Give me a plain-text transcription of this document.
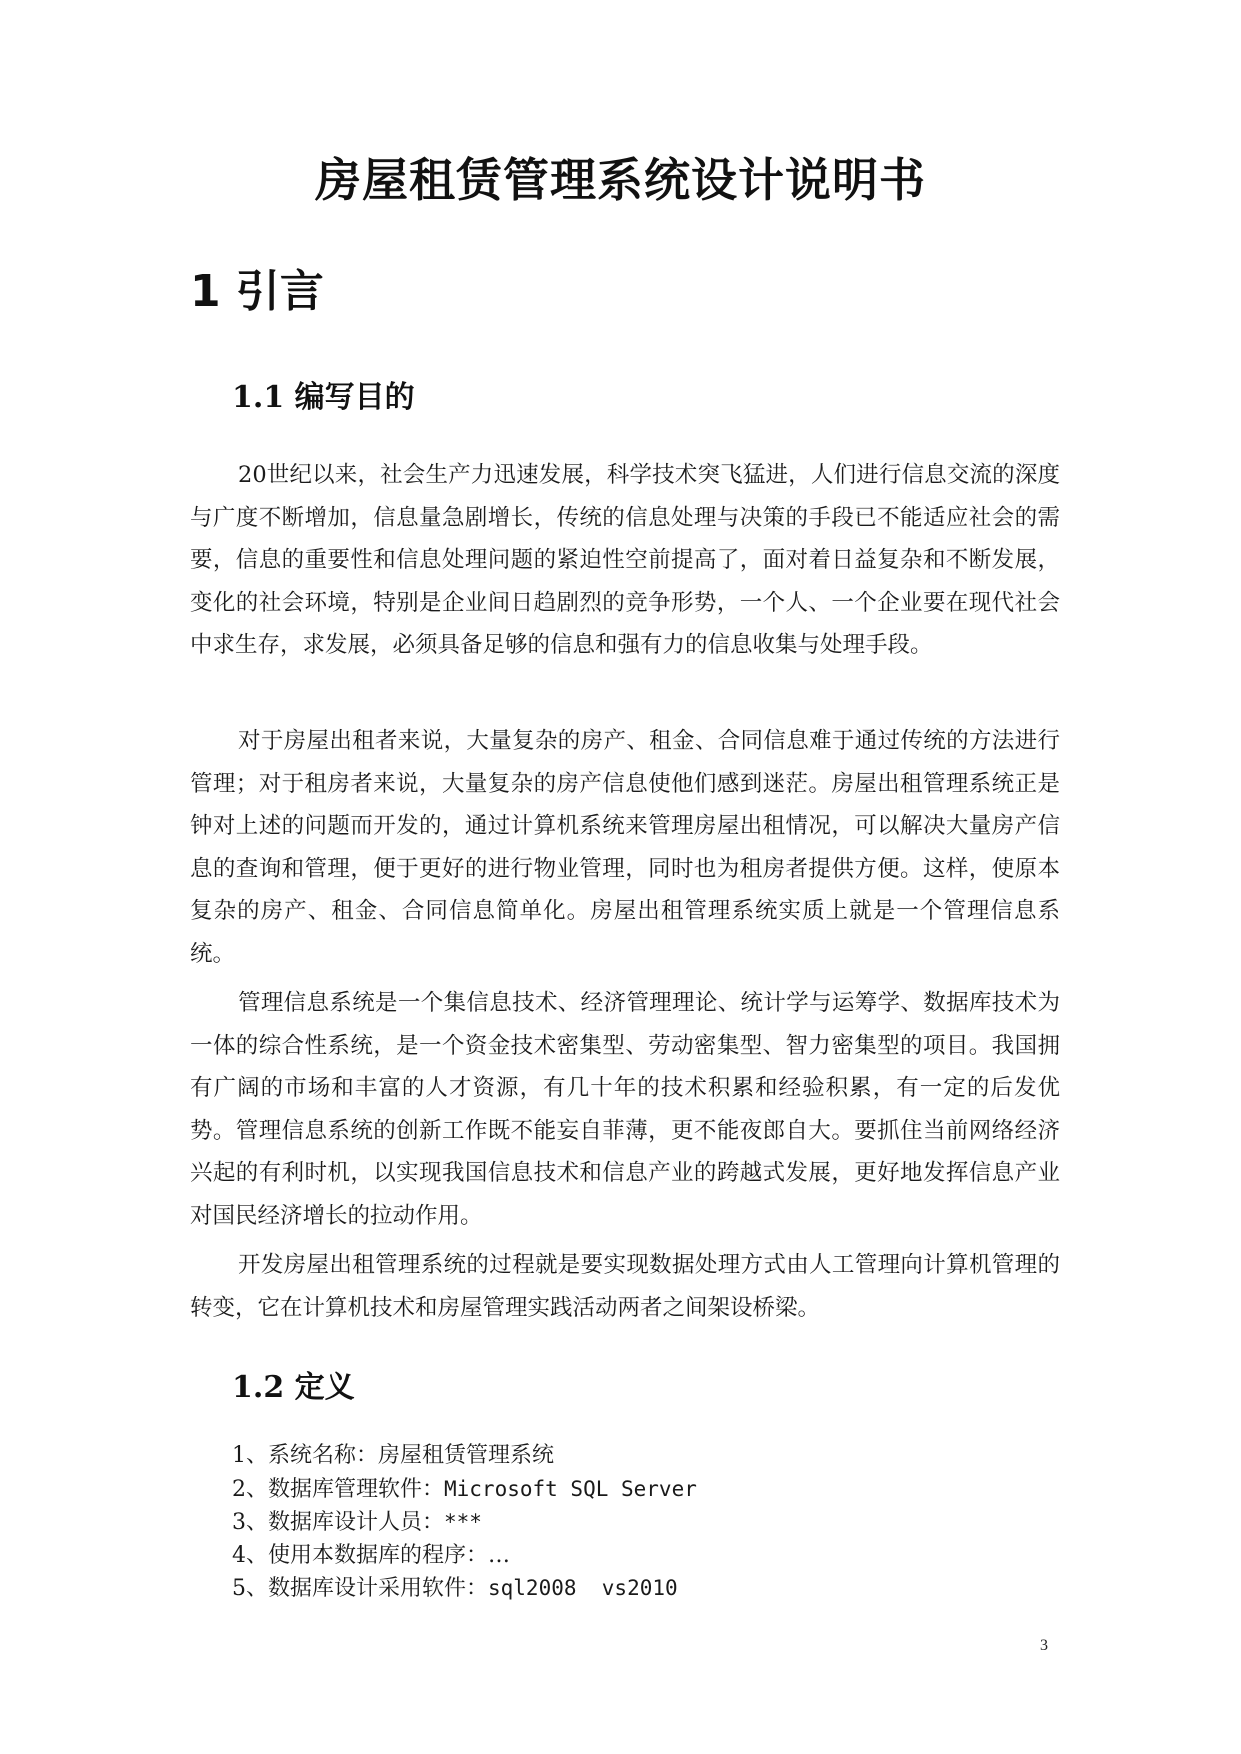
房屋租赁管理系统设计说明书
1 引言
1.1 编写目的

20世纪以来，社会生产力迅速发展，科学技术突飞猛进，人们进行信息交流的深度与广度不断增加，信息量急剧增长，传统的信息处理与决策的手段已不能适应社会的需要，信息的重要性和信息处理问题的紧迫性空前提高了，面对着日益复杂和不断发展，变化的社会环境，特别是企业间日趋剧烈的竞争形势，一个人、一个企业要在现代社会中求生存，求发展，必须具备足够的信息和强有力的信息收集与处理手段。

对于房屋出租者来说，大量复杂的房产、租金、合同信息难于通过传统的方法进行管理；对于租房者来说，大量复杂的房产信息使他们感到迷茫。房屋出租管理系统正是钟对上述的问题而开发的，通过计算机系统来管理房屋出租情况，可以解决大量房产信息的查询和管理，便于更好的进行物业管理，同时也为租房者提供方便。这样，使原本复杂的房产、租金、合同信息简单化。房屋出租管理系统实质上就是一个管理信息系统。

管理信息系统是一个集信息技术、经济管理理论、统计学与运筹学、数据库技术为一体的综合性系统，是一个资金技术密集型、劳动密集型、智力密集型的项目。我国拥有广阔的市场和丰富的人才资源，有几十年的技术积累和经验积累，有一定的后发优势。管理信息系统的创新工作既不能妄自菲薄，更不能夜郎自大。要抓住当前网络经济兴起的有利时机，以实现我国信息技术和信息产业的跨越式发展，更好地发挥信息产业对国民经济增长的拉动作用。

开发房屋出租管理系统的过程就是要实现数据处理方式由人工管理向计算机管理的转变，它在计算机技术和房屋管理实践活动两者之间架设桥梁。

1.2 定义
1、系统名称：房屋租赁管理系统
2、数据库管理软件：Microsoft SQL Server
3、数据库设计人员：***
4、使用本数据库的程序：…
5、数据库设计采用软件：sql2008  vs2010
3
